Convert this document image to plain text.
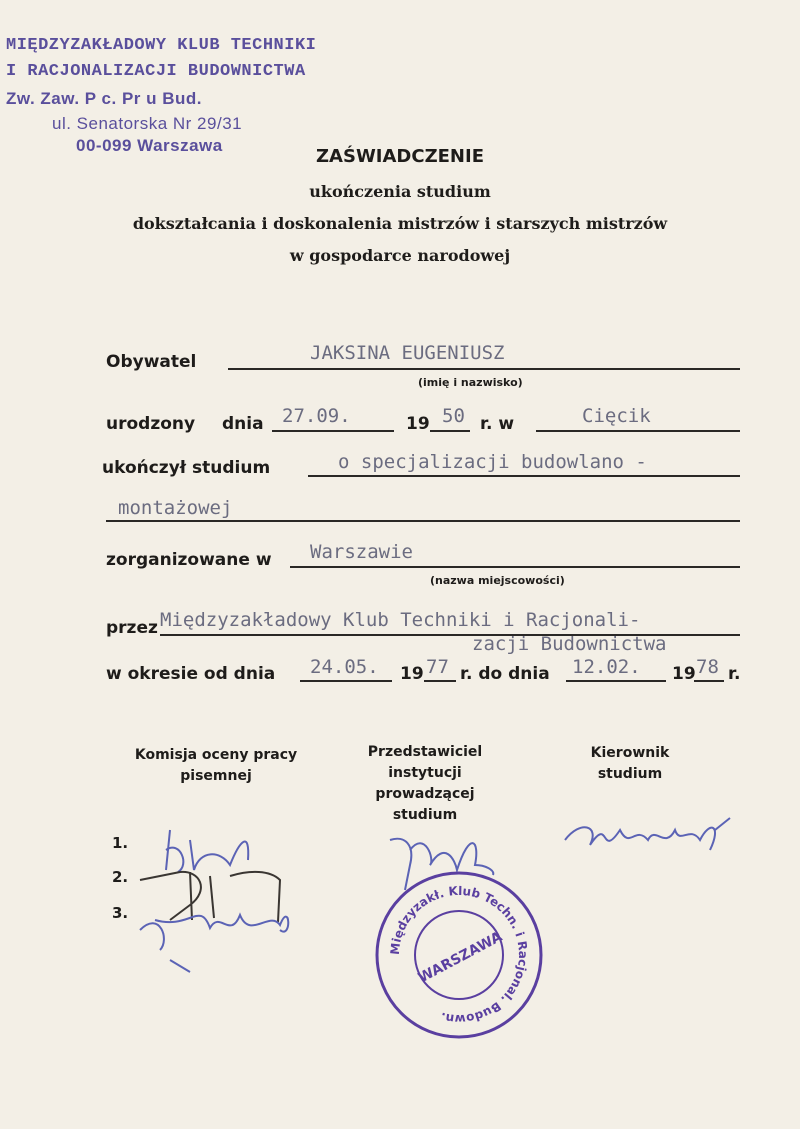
MIĘDZYZAKŁADOWY KLUB TECHNIKI
I RACJONALIZACJI BUDOWNICTWA
Zw. Zaw. P c. Pr u Bud.
ul. Senatorska Nr 29/31
00-099 Warszawa
ZAŚWIADCZENIE
ukończenia studium
dokształcania i doskonalenia mistrzów i starszych mistrzów
w gospodarce narodowej
Obywatel	JAKSINA EUGENIUSZ
(imię i nazwisko)
urodzony dnia 27.09.	19 50 r. w	Cięcik
ukończył studium	o specjalizacji budowlano -
montażowej
zorganizowane w Warszawie
(nazwa miejscowości)
przez Międzyzakładowy Klub Techniki i Racjonali-
zacji Budownictwa
w okresie od dnia 24.05. 19 77 r. do dnia 12.02. 19 78 r.
Komisja oceny pracy pisemnej
Przedstawiciel instytucji prowadzącej studium
Kierownik studium
1.
2.
3.
Międzyzakł. Klub Techn. i Racjonal. Budown.
WARSZAWA
